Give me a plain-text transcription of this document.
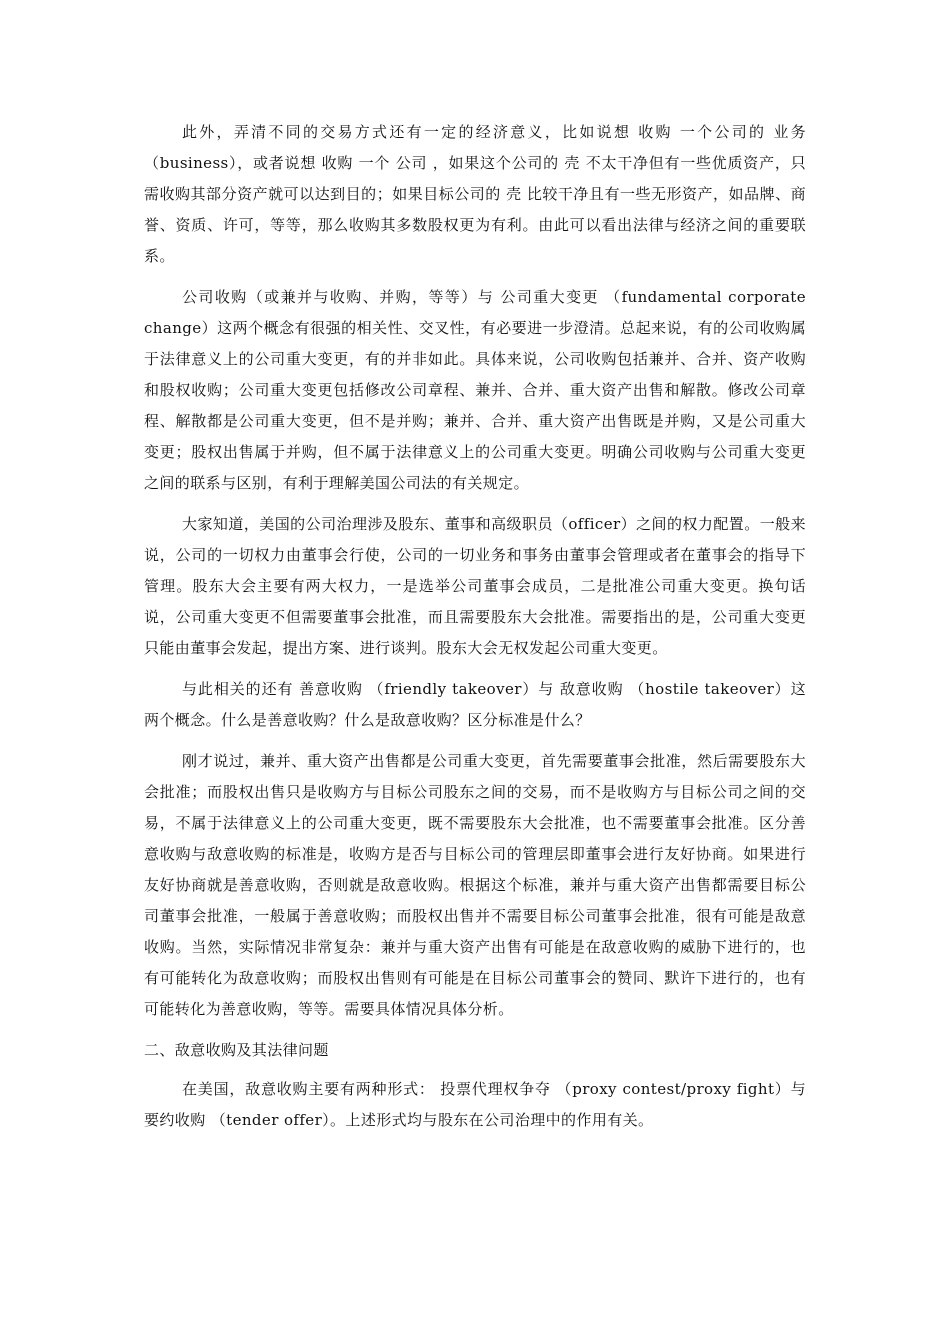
此外，弄清不同的交易方式还有一定的经济意义，比如说想 收购 一个公司的 业务（business），或者说想 收购 一个 公司 ，如果这个公司的 壳 不太干净但有一些优质资产，只需收购其部分资产就可以达到目的；如果目标公司的 壳 比较干净且有一些无形资产，如品牌、商誉、资质、许可，等等，那么收购其多数股权更为有利。由此可以看出法律与经济之间的重要联系。

公司收购（或兼并与收购、并购，等等）与 公司重大变更 （fundamental corporate change）这两个概念有很强的相关性、交叉性，有必要进一步澄清。总起来说，有的公司收购属于法律意义上的公司重大变更，有的并非如此。具体来说，公司收购包括兼并、合并、资产收购和股权收购；公司重大变更包括修改公司章程、兼并、合并、重大资产出售和解散。修改公司章程、解散都是公司重大变更，但不是并购；兼并、合并、重大资产出售既是并购，又是公司重大变更；股权出售属于并购，但不属于法律意义上的公司重大变更。明确公司收购与公司重大变更之间的联系与区别，有利于理解美国公司法的有关规定。

大家知道，美国的公司治理涉及股东、董事和高级职员（officer）之间的权力配置。一般来说，公司的一切权力由董事会行使，公司的一切业务和事务由董事会管理或者在董事会的指导下管理。股东大会主要有两大权力，一是选举公司董事会成员，二是批准公司重大变更。换句话说，公司重大变更不但需要董事会批准，而且需要股东大会批准。需要指出的是，公司重大变更只能由董事会发起，提出方案、进行谈判。股东大会无权发起公司重大变更。

与此相关的还有 善意收购 （friendly takeover）与 敌意收购 （hostile takeover）这两个概念。什么是善意收购？什么是敌意收购？区分标准是什么？

刚才说过，兼并、重大资产出售都是公司重大变更，首先需要董事会批准，然后需要股东大会批准；而股权出售只是收购方与目标公司股东之间的交易，而不是收购方与目标公司之间的交易，不属于法律意义上的公司重大变更，既不需要股东大会批准，也不需要董事会批准。区分善意收购与敌意收购的标准是，收购方是否与目标公司的管理层即董事会进行友好协商。如果进行友好协商就是善意收购，否则就是敌意收购。根据这个标准，兼并与重大资产出售都需要目标公司董事会批准，一般属于善意收购；而股权出售并不需要目标公司董事会批准，很有可能是敌意收购。当然，实际情况非常复杂：兼并与重大资产出售有可能是在敌意收购的威胁下进行的，也有可能转化为敌意收购；而股权出售则有可能是在目标公司董事会的赞同、默许下进行的，也有可能转化为善意收购，等等。需要具体情况具体分析。

二、敌意收购及其法律问题

在美国，敌意收购主要有两种形式： 投票代理权争夺 （proxy contest/proxy fight）与 要约收购 （tender offer）。上述形式均与股东在公司治理中的作用有关。
